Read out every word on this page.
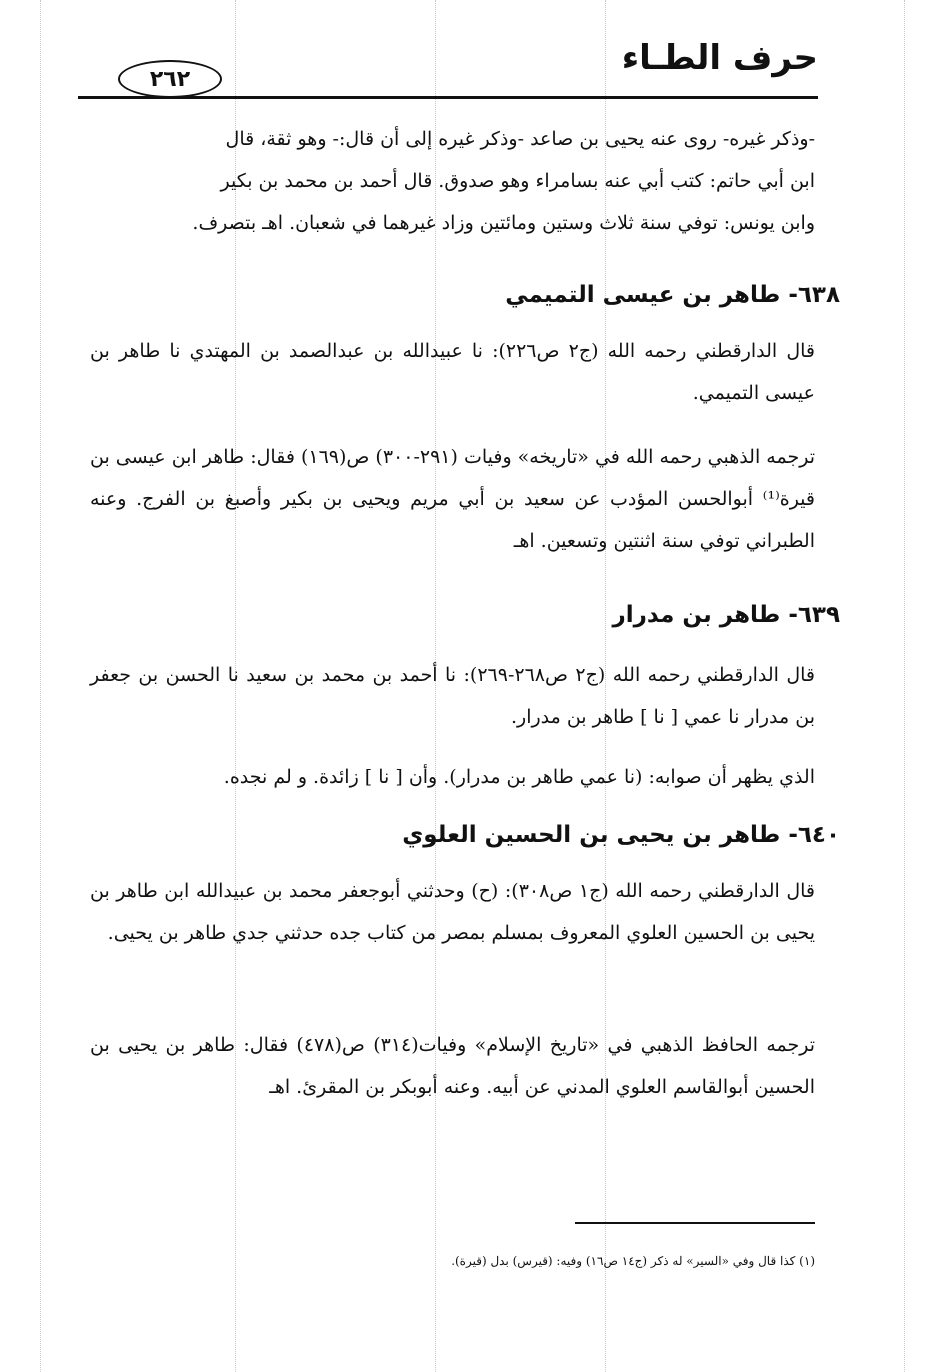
حرف الطـاء
٢٦٢

-وذكر غيره- روى عنه يحيى بن صاعد -وذكر غيره إلى أن قال:- وهو ثقة، قال

ابن أبي حاتم: كتب أبي عنه بسامراء وهو صدوق. قال أحمد بن محمد بن بكير

وابن يونس: توفي سنة ثلاث وستين ومائتين وزاد غيرهما في شعبان. اهـ بتصرف.

٦٣٨- طاهر بن عيسى التميمي

قال الدارقطني رحمه الله (ج٢ ص٢٢٦): نا عبيدالله بن عبدالصمد بن المهتدي نا طاهر بن عيسى التميمي.

ترجمه الذهبي رحمه الله في «تاريخه» وفيات (٢٩١-٣٠٠) ص(١٦٩) فقال: طاهر ابن عيسى بن قيرة⁽¹⁾ أبوالحسن المؤدب عن سعيد بن أبي مريم ويحيى بن بكير وأصبغ بن الفرج. وعنه الطبراني توفي سنة اثنتين وتسعين. اهـ

٦٣٩- طاهر بن مدرار

قال الدارقطني رحمه الله (ج٢ ص٢٦٨-٢٦٩): نا أحمد بن محمد بن سعيد نا الحسن بن جعفر بن مدرار نا عمي [ نا ] طاهر بن مدرار.

الذي يظهر أن صوابه: (نا عمي طاهر بن مدرار). وأن [ نا ] زائدة. و لم نجده.

٦٤٠- طاهر بن يحيى بن الحسين العلوي

قال الدارقطني رحمه الله (ج١ ص٣٠٨): (ح) وحدثني أبوجعفر محمد بن عبيدالله ابن طاهر بن يحيى بن الحسين العلوي المعروف بمسلم بمصر من كتاب جده حدثني جدي طاهر بن يحيى.

ترجمه الحافظ الذهبي في «تاريخ الإسلام» وفيات(٣١٤) ص(٤٧٨) فقال: طاهر بن يحيى بن الحسين أبوالقاسم العلوي المدني عن أبيه. وعنه أبوبكر بن المقرئ. اهـ

(١) كذا قال وفي «السير» له ذكر (ج١٤ ص١٦) وفيه: (قيرس) بدل (قيرة).
